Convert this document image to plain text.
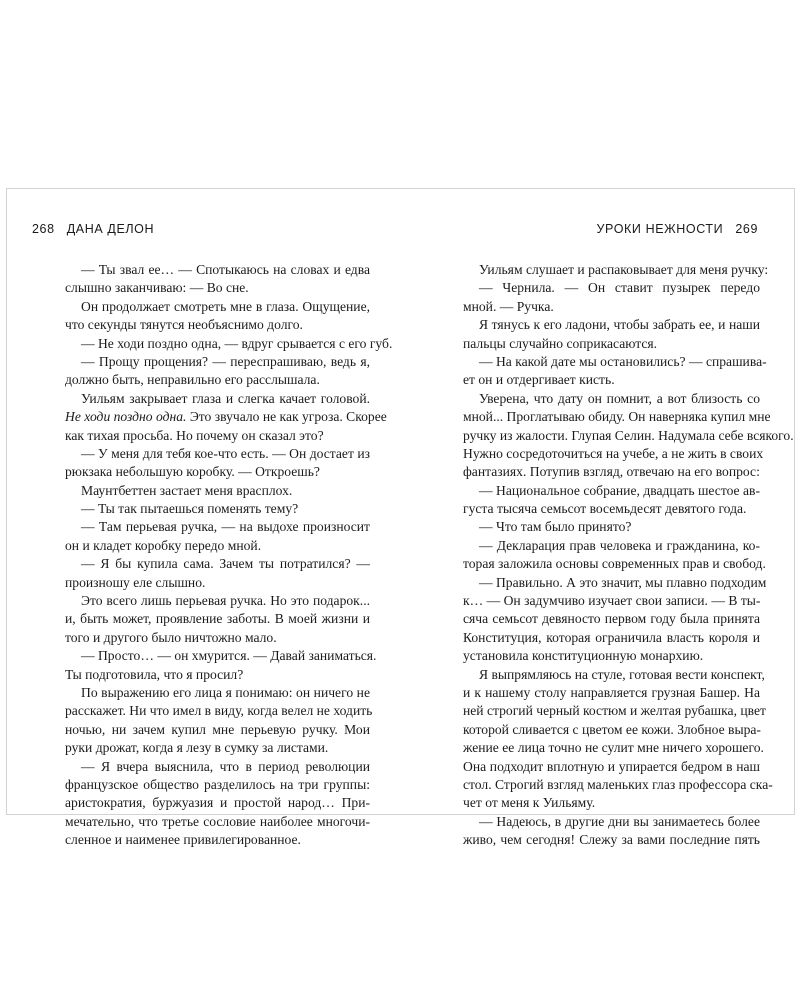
268 ДАНА ДЕЛОН
— Ты звал ее… — Спотыкаюсь на словах и едва
слышно заканчиваю: — Во сне.
Он продолжает смотреть мне в глаза. Ощущение,
что секунды тянутся необъяснимо долго.
— Не ходи поздно одна, — вдруг срывается с его губ.
— Прощу прощения? — переспрашиваю, ведь я,
должно быть, неправильно его расслышала.
Уильям закрывает глаза и слегка качает головой.
Не ходи поздно одна. Это звучало не как угроза. Скорее
как тихая просьба. Но почему он сказал это?
— У меня для тебя кое-что есть. — Он достает из
рюкзака небольшую коробку. — Откроешь?
Маунтбеттен застает меня врасплох.
— Ты так пытаешься поменять тему?
— Там перьевая ручка, — на выдохе произносит
он и кладет коробку передо мной.
— Я бы купила сама. Зачем ты потратился? —
произношу еле слышно.
Это всего лишь перьевая ручка. Но это подарок...
и, быть может, проявление заботы. В моей жизни и
того и другого было ничтожно мало.
— Просто… — он хмурится. — Давай заниматься.
Ты подготовила, что я просил?
По выражению его лица я понимаю: он ничего не
расскажет. Ни что имел в виду, когда велел не ходить
ночью, ни зачем купил мне перьевую ручку. Мои
руки дрожат, когда я лезу в сумку за листами.
— Я вчера выяснила, что в период революции
французское общество разделилось на три группы:
аристократия, буржуазия и простой народ… При-
мечательно, что третье сословие наиболее многочи-
сленное и наименее привилегированное.
УРОКИ НЕЖНОСТИ 269
Уильям слушает и распаковывает для меня ручку:
— Чернила. — Он ставит пузырек передо
мной. — Ручка.
Я тянусь к его ладони, чтобы забрать ее, и наши
пальцы случайно соприкасаются.
— На какой дате мы остановились? — спрашива-
ет он и отдергивает кисть.
Уверена, что дату он помнит, а вот близость со
мной... Проглатываю обиду. Он наверняка купил мне
ручку из жалости. Глупая Селин. Надумала себе всякого.
Нужно сосредоточиться на учебе, а не жить в своих
фантазиях. Потупив взгляд, отвечаю на его вопрос:
— Национальное собрание, двадцать шестое ав-
густа тысяча семьсот восемьдесят девятого года.
— Что там было принято?
— Декларация прав человека и гражданина, ко-
торая заложила основы современных прав и свобод.
— Правильно. А это значит, мы плавно подходим
к… — Он задумчиво изучает свои записи. — В ты-
сяча семьсот девяносто первом году была принята
Конституция, которая ограничила власть короля и
установила конституционную монархию.
Я выпрямляюсь на стуле, готовая вести конспект,
и к нашему столу направляется грузная Башер. На
ней строгий черный костюм и желтая рубашка, цвет
которой сливается с цветом ее кожи. Злобное выра-
жение ее лица точно не сулит мне ничего хорошего.
Она подходит вплотную и упирается бедром в наш
стол. Строгий взгляд маленьких глаз профессора ска-
чет от меня к Уильяму.
— Надеюсь, в другие дни вы занимаетесь более
живо, чем сегодня! Слежу за вами последние пять
